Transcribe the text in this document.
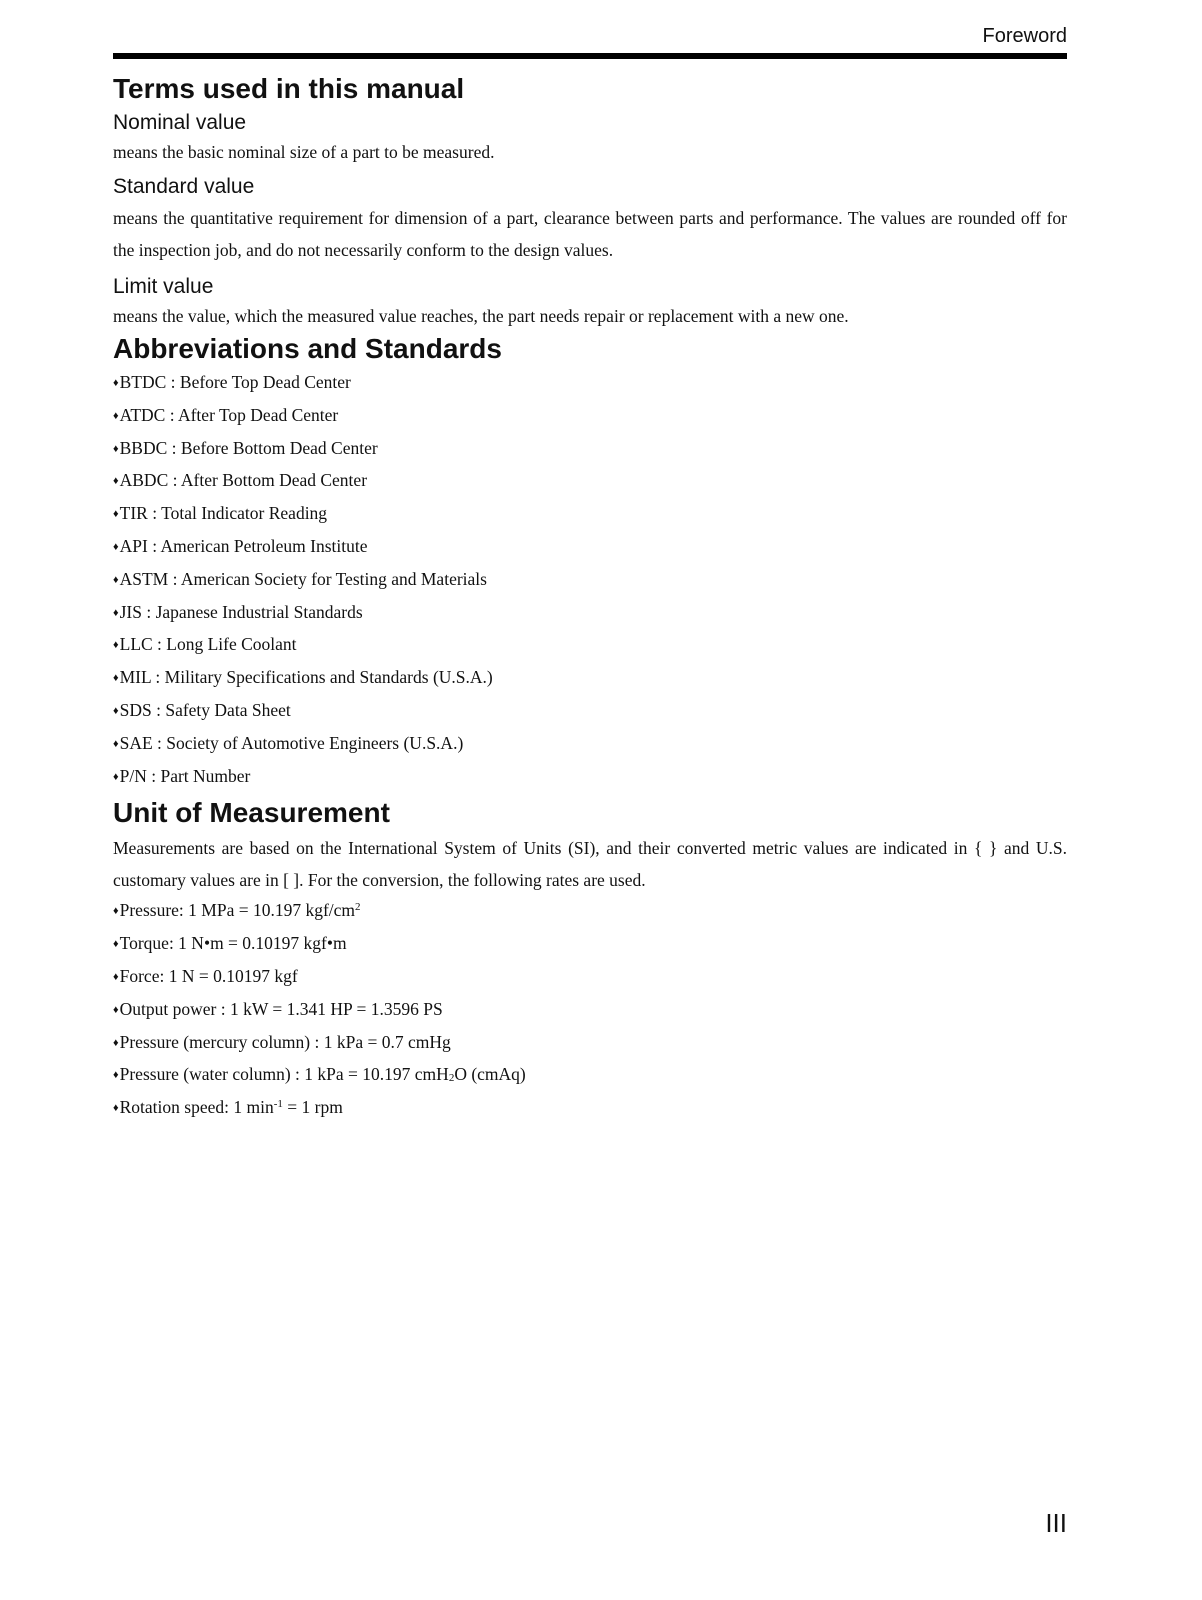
Foreword
Terms used in this manual
Nominal value

means the basic nominal size of a part to be measured.

Standard value

means the quantitative requirement for dimension of a part, clearance between parts and performance. The values are rounded off for the inspection job, and do not necessarily conform to the design values.

Limit value

means the value, which the measured value reaches, the part needs repair or replacement with a new one.

Abbreviations and Standards
♦BTDC : Before Top Dead Center
♦ATDC : After Top Dead Center
♦BBDC : Before Bottom Dead Center
♦ABDC : After Bottom Dead Center
♦TIR : Total Indicator Reading
♦API : American Petroleum Institute
♦ASTM : American Society for Testing and Materials
♦JIS : Japanese Industrial Standards
♦LLC : Long Life Coolant
♦MIL : Military Specifications and Standards (U.S.A.)
♦SDS : Safety Data Sheet
♦SAE : Society of Automotive Engineers (U.S.A.)
♦P/N : Part Number
Unit of Measurement

Measurements are based on the International System of Units (SI), and their converted metric values are indicated in { } and U.S. customary values are in [ ]. For the conversion, the following rates are used.

♦Pressure: 1 MPa = 10.197 kgf/$cm^2$
♦Torque: 1 N•m = 0.10197 kgf•m
♦Force: 1 N = 0.10197 kgf
♦Output power : 1 kW = 1.341 HP = 1.3596 PS
♦Pressure (mercury column) : 1 kPa = 0.7 cmHg
♦Pressure (water column) : 1 kPa = 10.197 cmH$_2$O (cmAq)
♦Rotation speed: 1 $\min^{-1} = 1$ rpm
III
